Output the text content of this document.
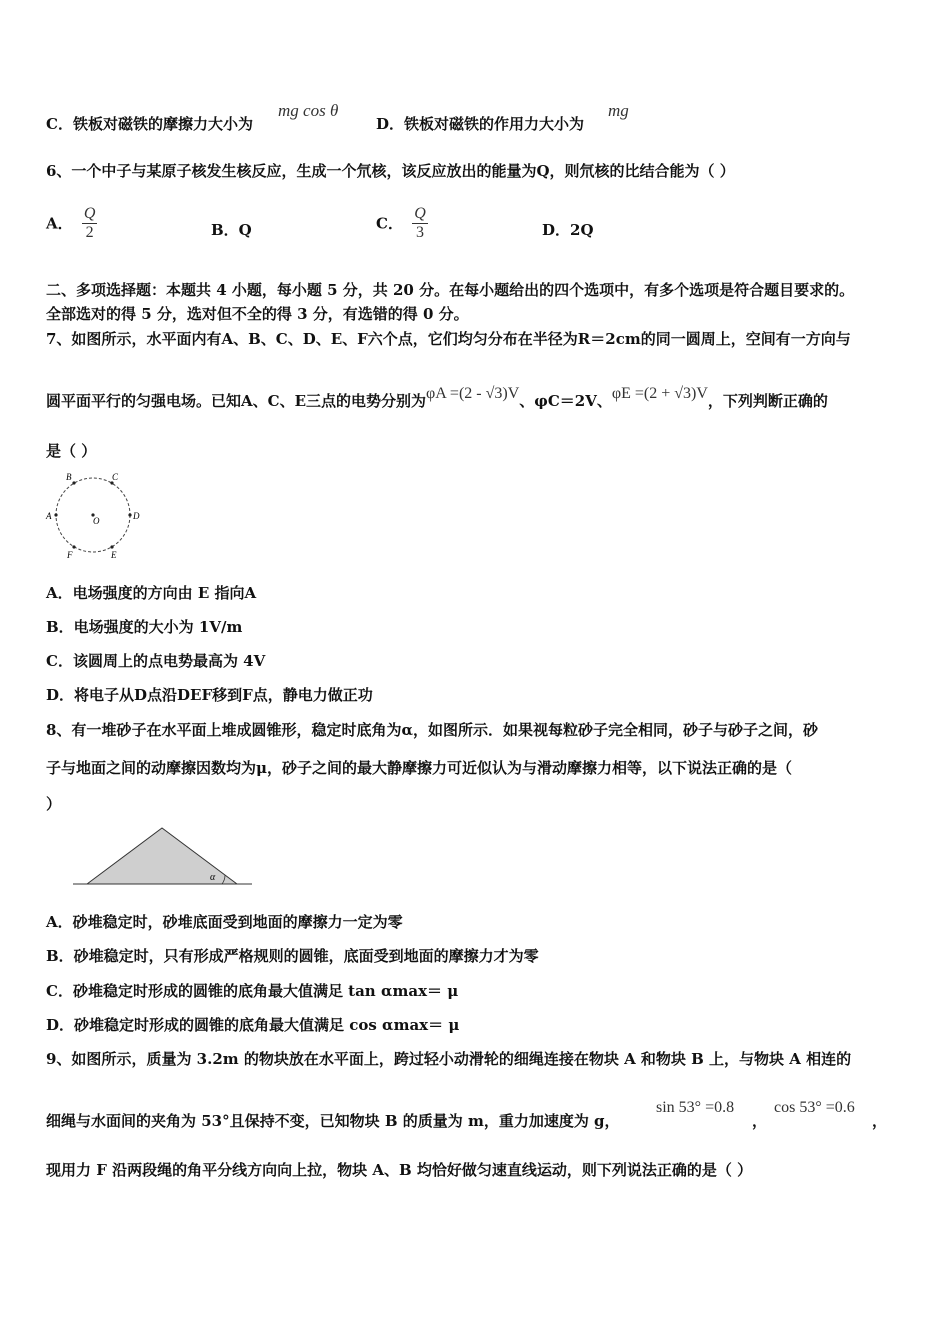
C．铁板对磁铁的摩擦力大小为
mg cos θ
D．铁板对磁铁的作用力大小为
mg
6、一个中子与某原子核发生核反应，生成一个氘核，该反应放出的能量为Q，则氘核的比结合能为（ ）
A． $\frac{Q}{2}$	B．Q	C． $\frac{Q}{3}$	D．2Q
二、多项选择题：本题共 4 小题，每小题 5 分，共 20 分。在每小题给出的四个选项中，有多个选项是符合题目要求的。
全部选对的得 5 分，选对但不全的得 3 分，有选错的得 0 分。
7、如图所示，水平面内有A、B、C、D、E、F六个点，它们均匀分布在半径为R＝2cm的同一圆周上，空间有一方向与
圆平面平行的匀强电场。已知A、C、E三点的电势分别为φA =(2 - √3)V、φC＝2V、φE =(2 + √3)V，下列判断正确的
是（ ）
A
B	C
D
E
F
O
A．电场强度的方向由 E 指向A
B．电场强度的大小为 1V/m
C．该圆周上的点电势最高为 4V
D．将电子从D点沿DEF移到F点，静电力做正功
8、有一堆砂子在水平面上堆成圆锥形，稳定时底角为α，如图所示．如果视每粒砂子完全相同，砂子与砂子之间，砂
子与地面之间的动摩擦因数均为μ，砂子之间的最大静摩擦力可近似认为与滑动摩擦力相等，以下说法正确的是（
）
α
A．砂堆稳定时，砂堆底面受到地面的摩擦力一定为零
B．砂堆稳定时，只有形成严格规则的圆锥，底面受到地面的摩擦力才为零
C．砂堆稳定时形成的圆锥的底角最大值满足 tan αmax＝ μ
D．砂堆稳定时形成的圆锥的底角最大值满足 cos αmax＝ μ
9、如图所示，质量为 3.2m 的物块放在水平面上，跨过轻小动滑轮的细绳连接在物块 A 和物块 B 上，与物块 A 相连的
细绳与水面间的夹角为 53°且保持不变，已知物块 B 的质量为 m，重力加速度为 g，
sin 53° =0.8
，
cos 53° =0.6
，
现用力 F 沿两段绳的角平分线方向向上拉，物块 A、B 均恰好做匀速直线运动，则下列说法正确的是（ ）
